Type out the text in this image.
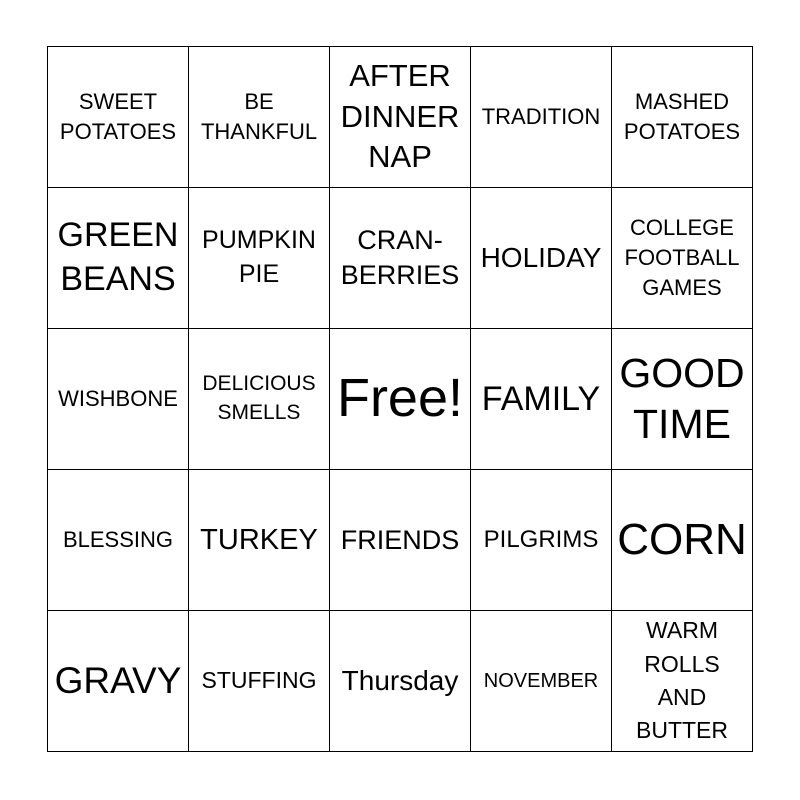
SWEET
POTATOES
BE
THANKFUL
AFTER
DINNER
NAP
TRADITION
MASHED
POTATOES
GREEN
BEANS
PUMPKIN
PIE
CRAN-
BERRIES
HOLIDAY
COLLEGE
FOOTBALL
GAMES
WISHBONE
DELICIOUS
SMELLS Free! FAMILY
GOOD
TIME
BLESSING TURKEY FRIENDS PILGRIMS CORN
GRAVY STUFFING Thursday NOVEMBER
WARM
ROLLS
AND
BUTTER
